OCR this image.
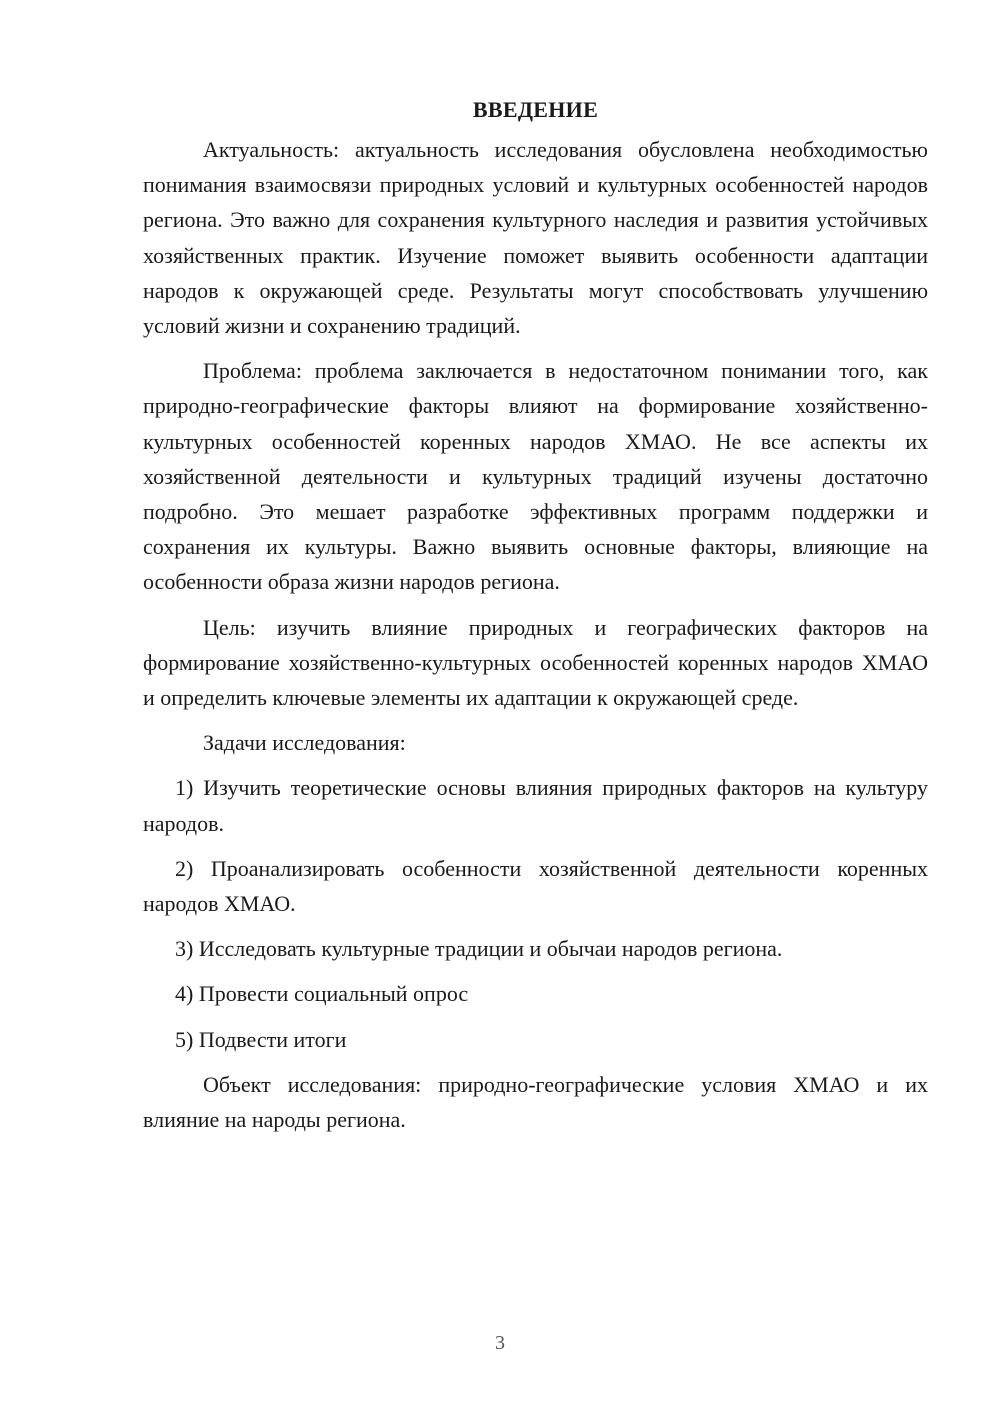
ВВЕДЕНИЕ

Актуальность: актуальность исследования обусловлена необходимостью понимания взаимосвязи природных условий и культурных особенностей народов региона. Это важно для сохранения культурного наследия и развития устойчивых хозяйственных практик. Изучение поможет выявить особенности адаптации народов к окружающей среде. Результаты могут способствовать улучшению условий жизни и сохранению традиций.

Проблема: проблема заключается в недостаточном понимании того, как природно-географические факторы влияют на формирование хозяйственно-культурных особенностей коренных народов ХМАО. Не все аспекты их хозяйственной деятельности и культурных традиций изучены достаточно подробно. Это мешает разработке эффективных программ поддержки и сохранения их культуры. Важно выявить основные факторы, влияющие на особенности образа жизни народов региона.

Цель: изучить влияние природных и географических факторов на формирование хозяйственно-культурных особенностей коренных народов ХМАО и определить ключевые элементы их адаптации к окружающей среде.

Задачи исследования:

1) Изучить теоретические основы влияния природных факторов на культуру народов.

2) Проанализировать особенности хозяйственной деятельности коренных народов ХМАО.

3) Исследовать культурные традиции и обычаи народов региона.

4) Провести социальный опрос

5) Подвести итоги

Объект исследования: природно-географические условия ХМАО и их влияние на народы региона.

3
